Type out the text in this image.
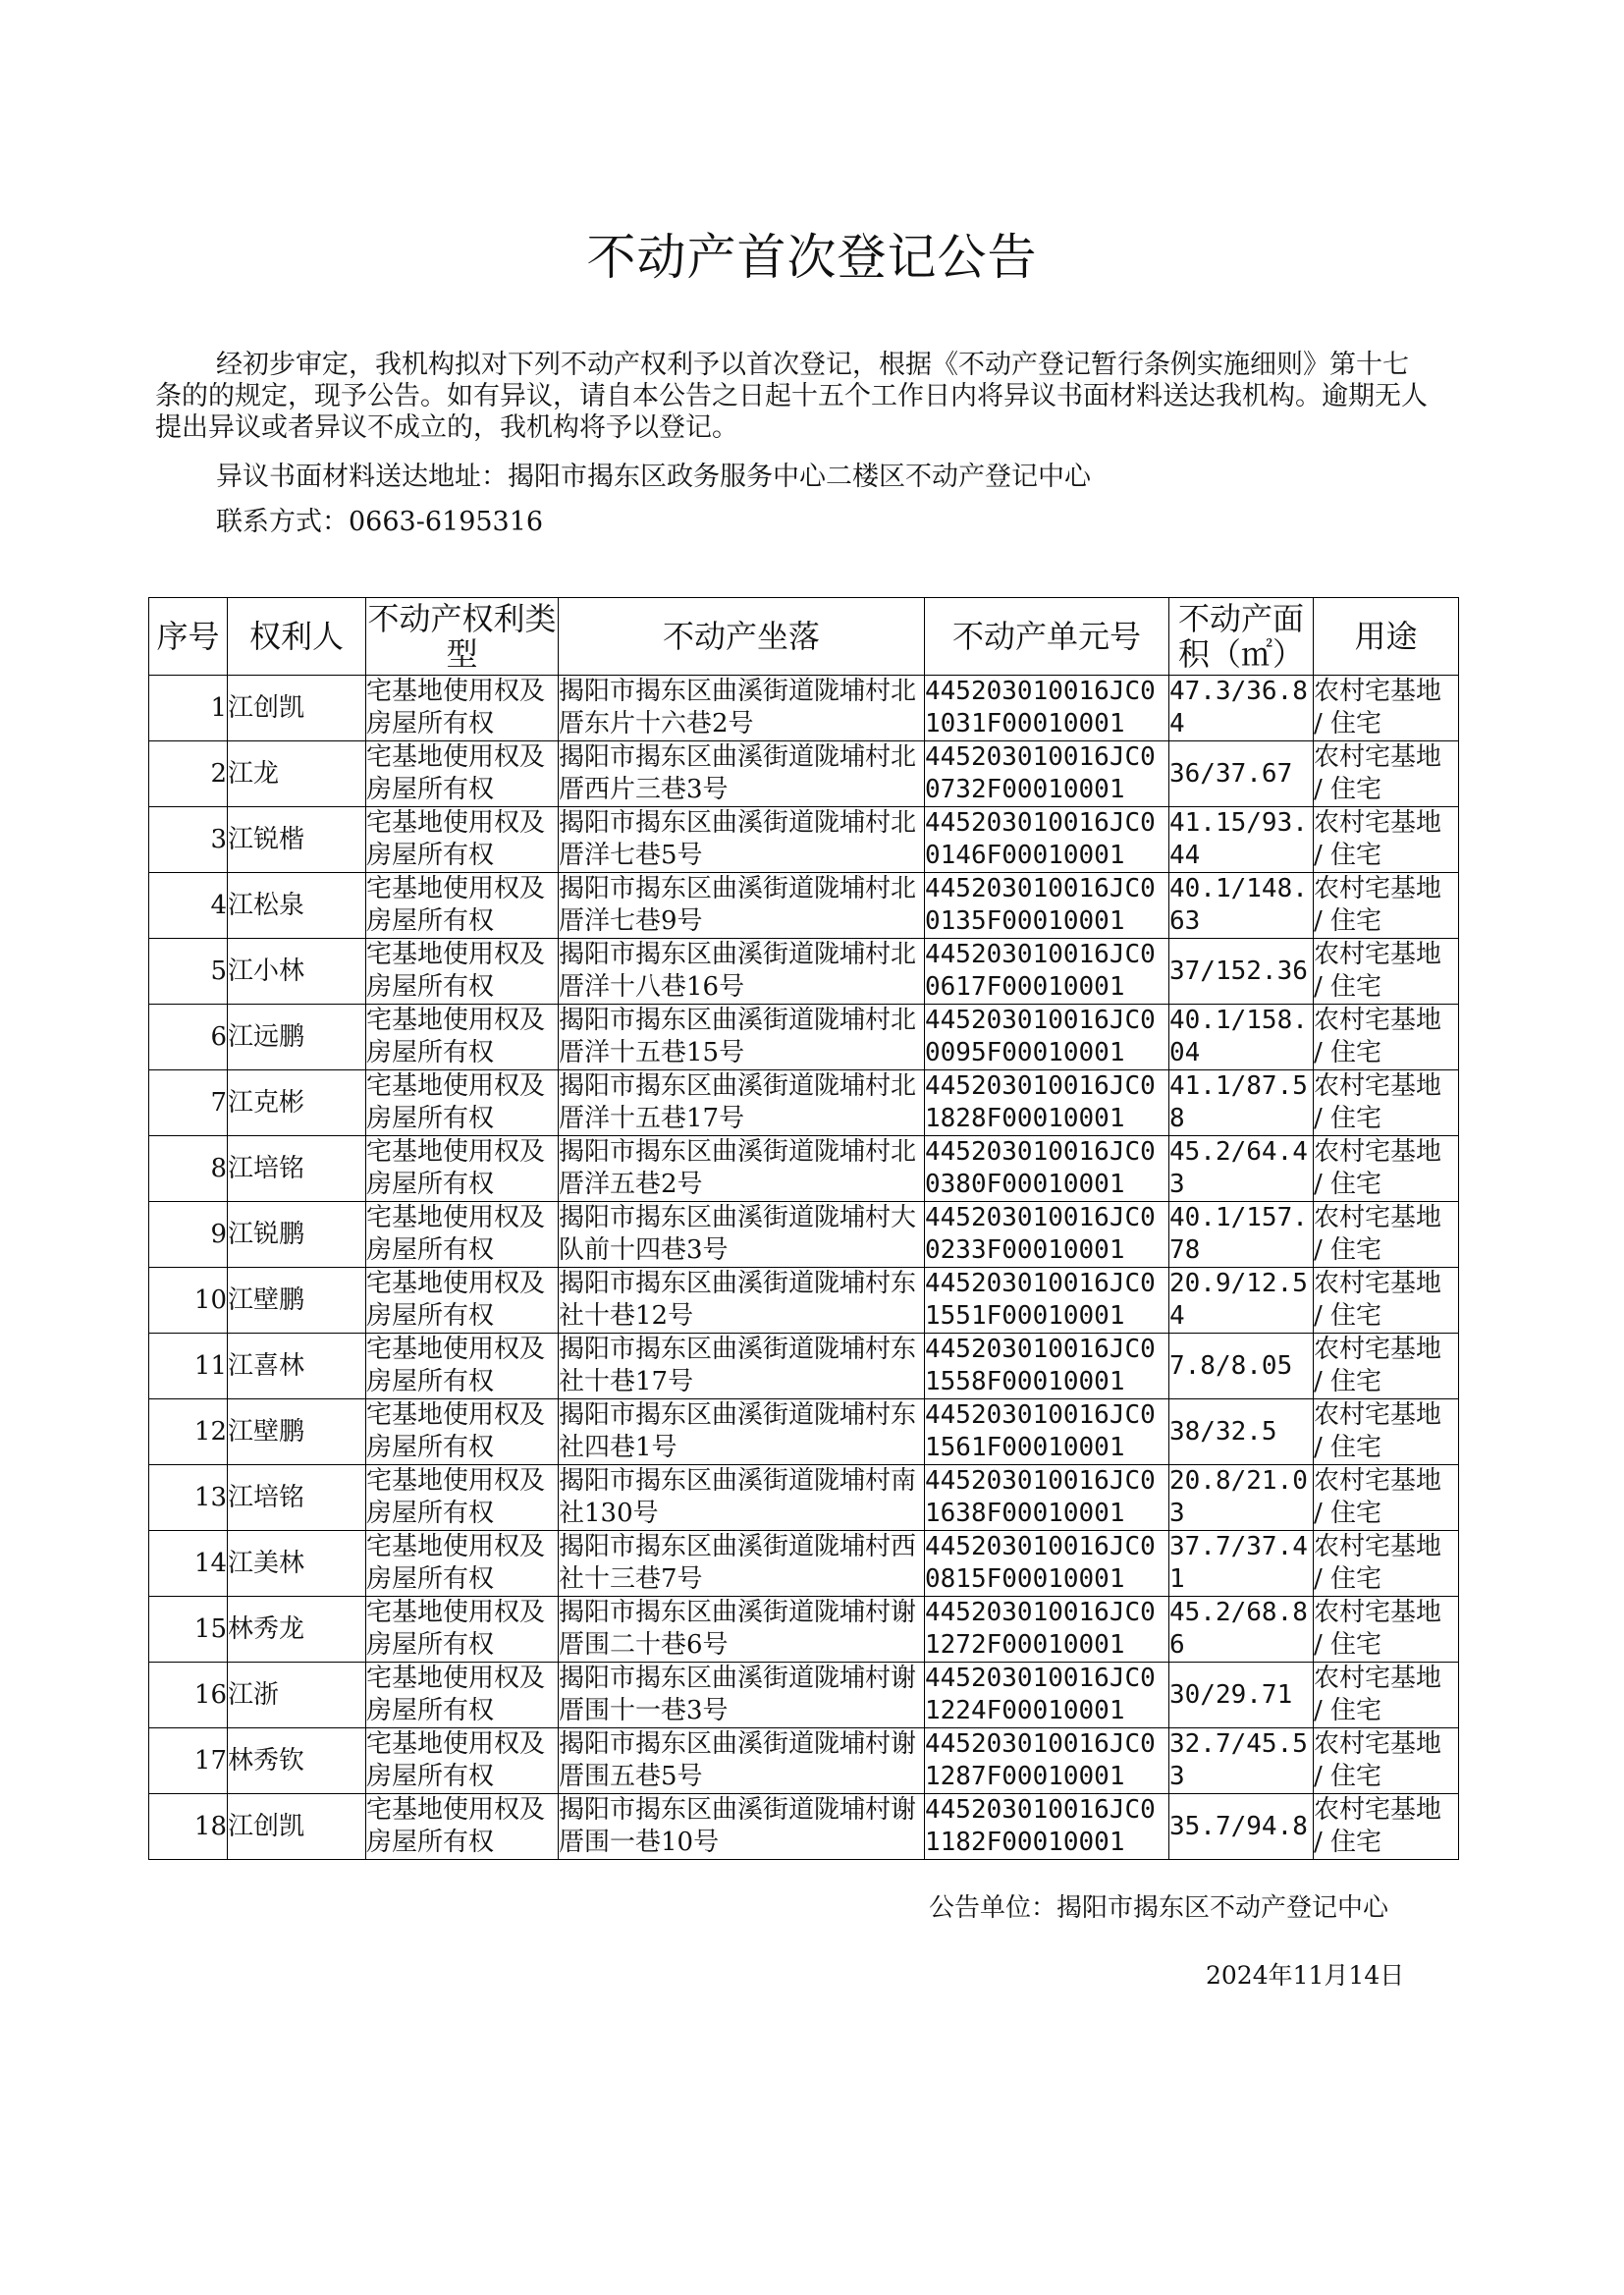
不动产首次登记公告
经初步审定，我机构拟对下列不动产权利予以首次登记，根据《不动产登记暂行条例实施细则》第十七条的的规定，现予公告。如有异议，请自本公告之日起十五个工作日内将异议书面材料送达我机构。逾期无人提出异议或者异议不成立的，我机构将予以登记。
异议书面材料送达地址：揭阳市揭东区政务服务中心二楼区不动产登记中心
联系方式：0663-6195316
序号	权利人	不动产权利类型	不动产坐落	不动产单元号	不动产面积（㎡）	用途
1	江创凯	宅基地使用权及房屋所有权	揭阳市揭东区曲溪街道陇埔村北厝东片十六巷2号	445203010016JC01031F00010001	47.3/36.84	农村宅基地 / 住宅
2	江龙	宅基地使用权及房屋所有权	揭阳市揭东区曲溪街道陇埔村北厝西片三巷3号	445203010016JC00732F00010001	36/37.67	农村宅基地 / 住宅
3	江锐楷	宅基地使用权及房屋所有权	揭阳市揭东区曲溪街道陇埔村北厝洋七巷5号	445203010016JC00146F00010001	41.15/93.44	农村宅基地 / 住宅
4	江松泉	宅基地使用权及房屋所有权	揭阳市揭东区曲溪街道陇埔村北厝洋七巷9号	445203010016JC00135F00010001	40.1/148.63	农村宅基地 / 住宅
5	江小林	宅基地使用权及房屋所有权	揭阳市揭东区曲溪街道陇埔村北厝洋十八巷16号	445203010016JC00617F00010001	37/152.36	农村宅基地 / 住宅
6	江远鹏	宅基地使用权及房屋所有权	揭阳市揭东区曲溪街道陇埔村北厝洋十五巷15号	445203010016JC00095F00010001	40.1/158.04	农村宅基地 / 住宅
7	江克彬	宅基地使用权及房屋所有权	揭阳市揭东区曲溪街道陇埔村北厝洋十五巷17号	445203010016JC01828F00010001	41.1/87.58	农村宅基地 / 住宅
8	江培铭	宅基地使用权及房屋所有权	揭阳市揭东区曲溪街道陇埔村北厝洋五巷2号	445203010016JC00380F00010001	45.2/64.43	农村宅基地 / 住宅
9	江锐鹏	宅基地使用权及房屋所有权	揭阳市揭东区曲溪街道陇埔村大队前十四巷3号	445203010016JC00233F00010001	40.1/157.78	农村宅基地 / 住宅
10	江壁鹏	宅基地使用权及房屋所有权	揭阳市揭东区曲溪街道陇埔村东社十巷12号	445203010016JC01551F00010001	20.9/12.54	农村宅基地 / 住宅
11	江喜林	宅基地使用权及房屋所有权	揭阳市揭东区曲溪街道陇埔村东社十巷17号	445203010016JC01558F00010001	7.8/8.05	农村宅基地 / 住宅
12	江壁鹏	宅基地使用权及房屋所有权	揭阳市揭东区曲溪街道陇埔村东社四巷1号	445203010016JC01561F00010001	38/32.5	农村宅基地 / 住宅
13	江培铭	宅基地使用权及房屋所有权	揭阳市揭东区曲溪街道陇埔村南社130号	445203010016JC01638F00010001	20.8/21.03	农村宅基地 / 住宅
14	江美林	宅基地使用权及房屋所有权	揭阳市揭东区曲溪街道陇埔村西社十三巷7号	445203010016JC00815F00010001	37.7/37.41	农村宅基地 / 住宅
15	林秀龙	宅基地使用权及房屋所有权	揭阳市揭东区曲溪街道陇埔村谢厝围二十巷6号	445203010016JC01272F00010001	45.2/68.86	农村宅基地 / 住宅
16	江浙	宅基地使用权及房屋所有权	揭阳市揭东区曲溪街道陇埔村谢厝围十一巷3号	445203010016JC01224F00010001	30/29.71	农村宅基地 / 住宅
17	林秀钦	宅基地使用权及房屋所有权	揭阳市揭东区曲溪街道陇埔村谢厝围五巷5号	445203010016JC01287F00010001	32.7/45.53	农村宅基地 / 住宅
18	江创凯	宅基地使用权及房屋所有权	揭阳市揭东区曲溪街道陇埔村谢厝围一巷10号	445203010016JC01182F00010001	35.7/94.8	农村宅基地 / 住宅
公告单位：揭阳市揭东区不动产登记中心
2024年11月14日
